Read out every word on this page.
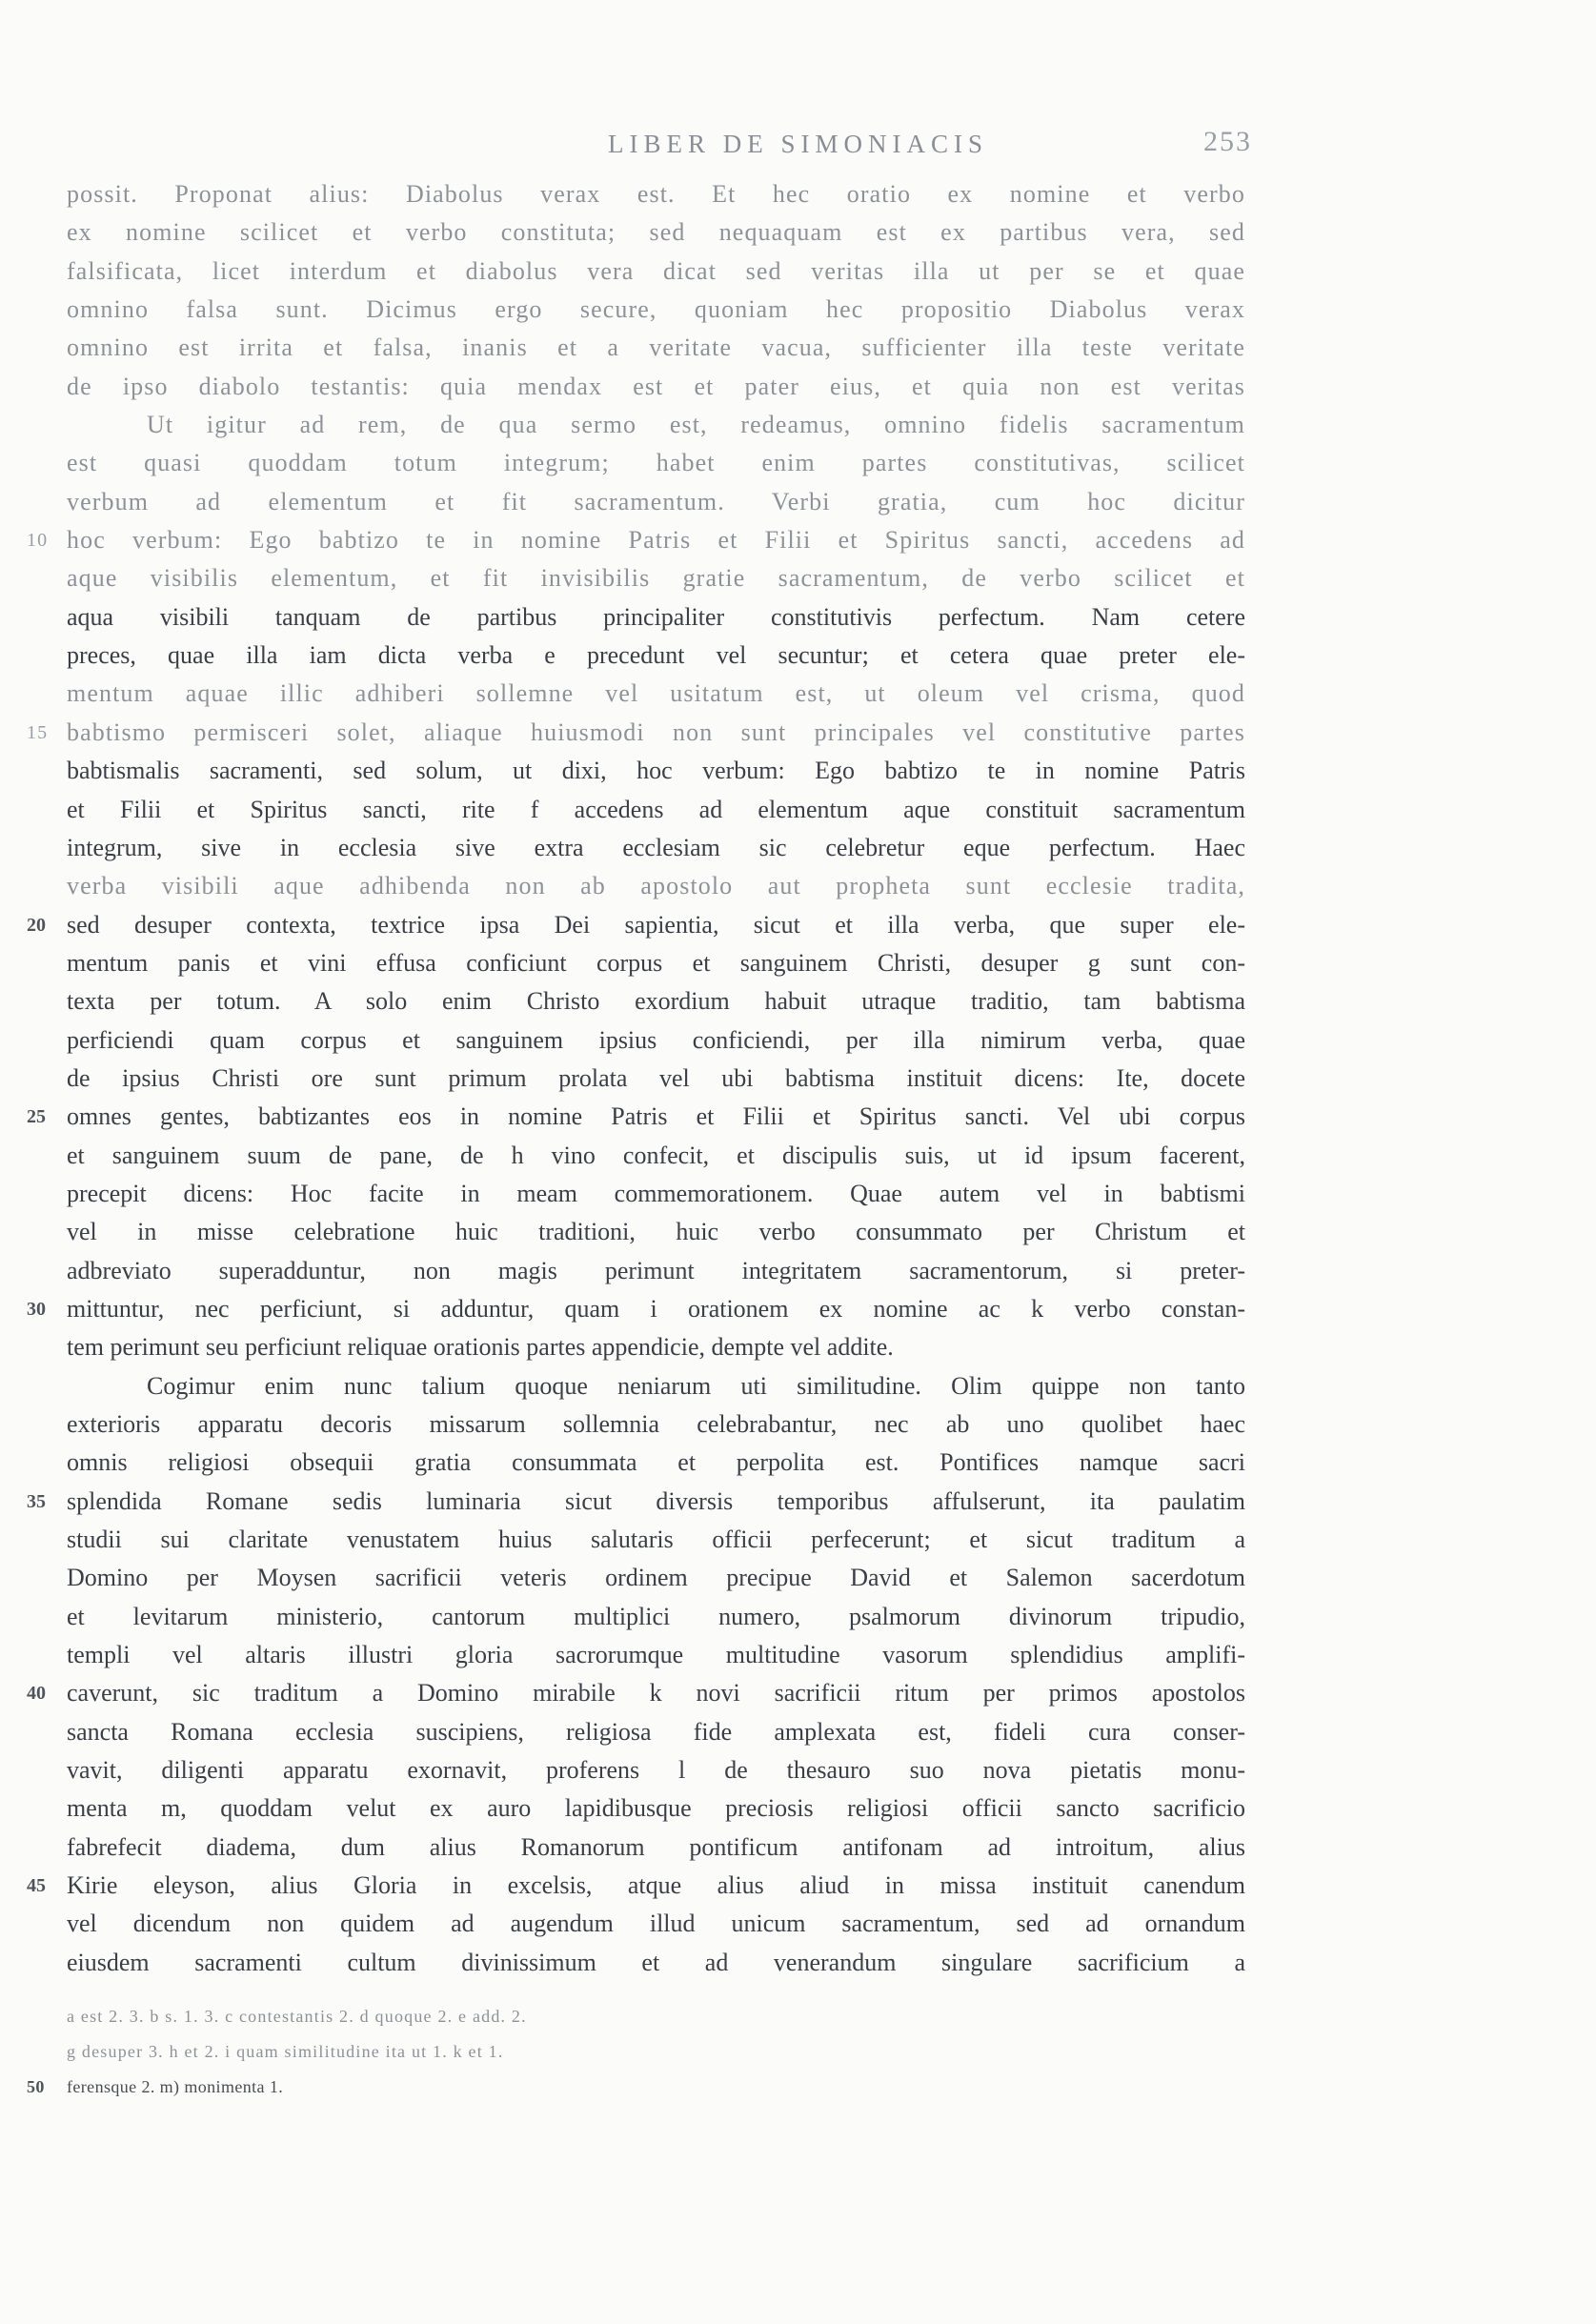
LIBER DE SIMONIACIS	253
possit. Proponat alius: Diabolus verax est. Et hec oratio ex nomine et verbo
ex nomine scilicet et verbo constituta; sed nequaquam est ex partibus vera, sed
falsificata, licet interdum et diabolus vera dicat sed veritas illa ut per se et quae
omnino falsa sunt. Dicimus ergo secure, quoniam hec propositio Diabolus verax
omnino est irrita et falsa, inanis et a veritate vacua, sufficienter illa teste veritate
de ipso diabolo testantis: quia mendax est et pater eius, et quia non est veritas
Ut igitur ad rem, de qua sermo est, redeamus, omnino fidelis sacramentum
est quasi quoddam totum integrum; habet enim partes constitutivas, scilicet
verbum ad elementum et fit sacramentum. Verbi gratia, cum hoc dicitur
10 hoc verbum: Ego babtizo te in nomine Patris et Filii et Spiritus sancti, accedens ad
aque visibilis elementum, et fit invisibilis gratie sacramentum, de verbo scilicet et
aqua visibili tanquam de partibus principaliter constitutivis perfectum. Nam cetere
preces, quae illa iam dicta verba e precedunt vel secuntur; et cetera quae preter ele-
mentum aquae illic adhiberi sollemne vel usitatum est, ut oleum vel crisma, quod
15 babtismo permisceri solet, aliaque huiusmodi non sunt principales vel constitutive partes
babtismalis sacramenti, sed solum, ut dixi, hoc verbum: Ego babtizo te in nomine Patris
et Filii et Spiritus sancti, rite f accedens ad elementum aque constituit sacramentum
integrum, sive in ecclesia sive extra ecclesiam sic celebretur eque perfectum. Haec
verba visibili aque adhibenda non ab apostolo aut propheta sunt ecclesie tradita,
20 sed desuper contexta, textrice ipsa Dei sapientia, sicut et illa verba, que super ele-
mentum panis et vini effusa conficiunt corpus et sanguinem Christi, desuper g sunt con-
texta per totum. A solo enim Christo exordium habuit utraque traditio, tam babtisma
perficiendi quam corpus et sanguinem ipsius conficiendi, per illa nimirum verba, quae
de ipsius Christi ore sunt primum prolata vel ubi babtisma instituit dicens: Ite, docete
25 omnes gentes, babtizantes eos in nomine Patris et Filii et Spiritus sancti. Vel ubi corpus
et sanguinem suum de pane, de h vino confecit, et discipulis suis, ut id ipsum facerent,
precepit dicens: Hoc facite in meam commemorationem. Quae autem vel in babtismi
vel in misse celebratione huic traditioni, huic verbo consummato per Christum et
adbreviato superadduntur, non magis perimunt integritatem sacramentorum, si preter-
30 mittuntur, nec perficiunt, si adduntur, quam i orationem ex nomine ac k verbo constan-
tem perimunt seu perficiunt reliquae orationis partes appendicie, dempte vel addite.
Cogimur enim nunc talium quoque neniarum uti similitudine. Olim quippe non tanto
exterioris apparatu decoris missarum sollemnia celebrabantur, nec ab uno quolibet haec
omnis religiosi obsequii gratia consummata et perpolita est. Pontifices namque sacri
35 splendida Romane sedis luminaria sicut diversis temporibus affulserunt, ita paulatim
studii sui claritate venustatem huius salutaris officii perfecerunt; et sicut traditum a
Domino per Moysen sacrificii veteris ordinem precipue David et Salemon sacerdotum
et levitarum ministerio, cantorum multiplici numero, psalmorum divinorum tripudio,
templi vel altaris illustri gloria sacrorumque multitudine vasorum splendidius amplifi-
40 caverunt, sic traditum a Domino mirabile k novi sacrificii ritum per primos apostolos
sancta Romana ecclesia suscipiens, religiosa fide amplexata est, fideli cura conser-
vavit, diligenti apparatu exornavit, proferens l de thesauro suo nova pietatis monu-
menta m, quoddam velut ex auro lapidibusque preciosis religiosi officii sancto sacrificio
fabrefecit diadema, dum alius Romanorum pontificum antifonam ad introitum, alius
45 Kirie eleyson, alius Gloria in excelsis, atque alius aliud in missa instituit canendum
vel dicendum non quidem ad augendum illud unicum sacramentum, sed ad ornandum
eiusdem sacramenti cultum divinissimum et ad venerandum singulare sacrificium a
a est 2. 3. b s. 1. 3. c contestantis 2. d quoque 2. e add. 2.
g desuper 3. h et 2. i quam similitudine ita ut 1. k et 1.
50	ferensque 2. m) monimenta 1.
